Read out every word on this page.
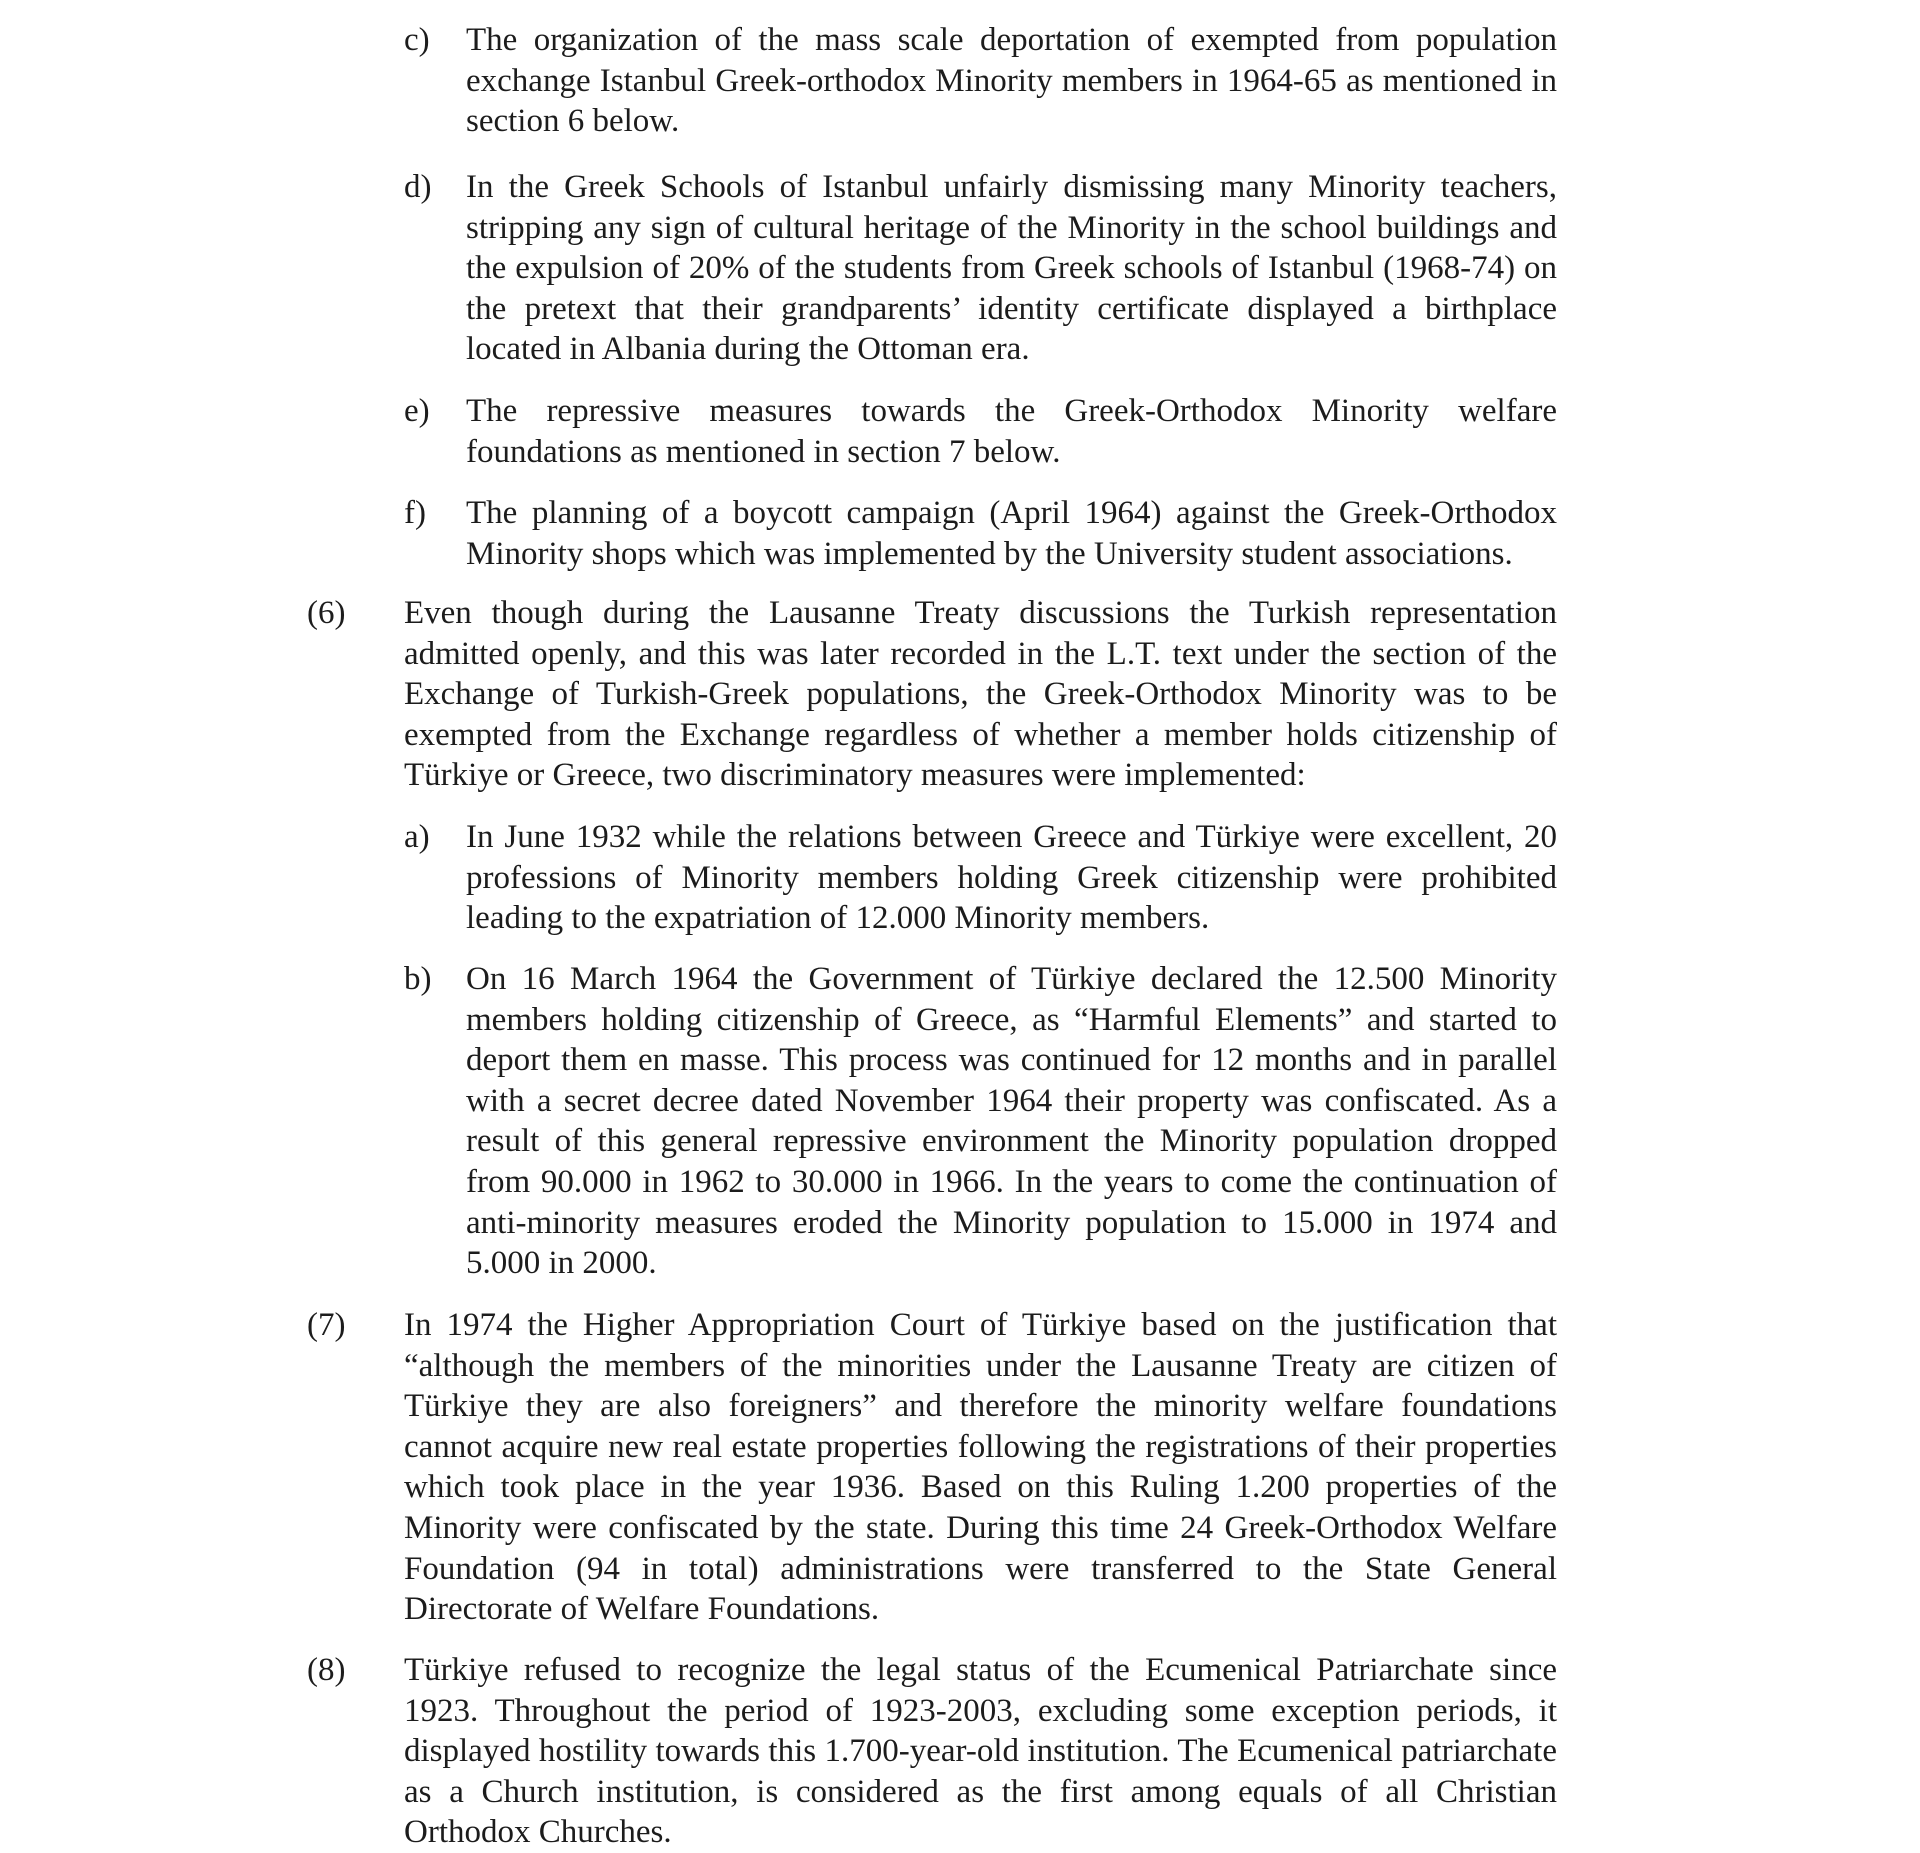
c) The organization of the mass scale deportation of exempted from population exchange Istanbul Greek-orthodox Minority members in 1964-65 as mentioned in section 6 below.

d) In the Greek Schools of Istanbul unfairly dismissing many Minority teachers, stripping any sign of cultural heritage of the Minority in the school buildings and the expulsion of 20% of the students from Greek schools of Istanbul (1968-74) on the pretext that their grandparents’ identity certificate displayed a birthplace located in Albania during the Ottoman era.

e) The repressive measures towards the Greek-Orthodox Minority welfare foundations as mentioned in section 7 below.

f) The planning of a boycott campaign (April 1964) against the Greek-Orthodox Minority shops which was implemented by the University student associations.

(6) Even though during the Lausanne Treaty discussions the Turkish representation admitted openly, and this was later recorded in the L.T. text under the section of the Exchange of Turkish-Greek populations, the Greek-Orthodox Minority was to be exempted from the Exchange regardless of whether a member holds citizenship of Türkiye or Greece, two discriminatory measures were implemented:

a) In June 1932 while the relations between Greece and Türkiye were excellent, 20 professions of Minority members holding Greek citizenship were prohibited leading to the expatriation of 12.000 Minority members.

b) On 16 March 1964 the Government of Türkiye declared the 12.500 Minority members holding citizenship of Greece, as “Harmful Elements” and started to deport them en masse. This process was continued for 12 months and in parallel with a secret decree dated November 1964 their property was confiscated. As a result of this general repressive environment the Minority population dropped from 90.000 in 1962 to 30.000 in 1966. In the years to come the continuation of anti-minority measures eroded the Minority population to 15.000 in 1974 and 5.000 in 2000.

(7) In 1974 the Higher Appropriation Court of Türkiye based on the justification that “although the members of the minorities under the Lausanne Treaty are citizen of Türkiye they are also foreigners” and therefore the minority welfare foundations cannot acquire new real estate properties following the registrations of their properties which took place in the year 1936. Based on this Ruling 1.200 properties of the Minority were confiscated by the state. During this time 24 Greek-Orthodox Welfare Foundation (94 in total) administrations were transferred to the State General Directorate of Welfare Foundations.

(8) Türkiye refused to recognize the legal status of the Ecumenical Patriarchate since 1923. Throughout the period of 1923-2003, excluding some exception periods, it displayed hostility towards this 1.700-year-old institution. The Ecumenical patriarchate as a Church institution, is considered as the first among equals of all Christian Orthodox Churches.
